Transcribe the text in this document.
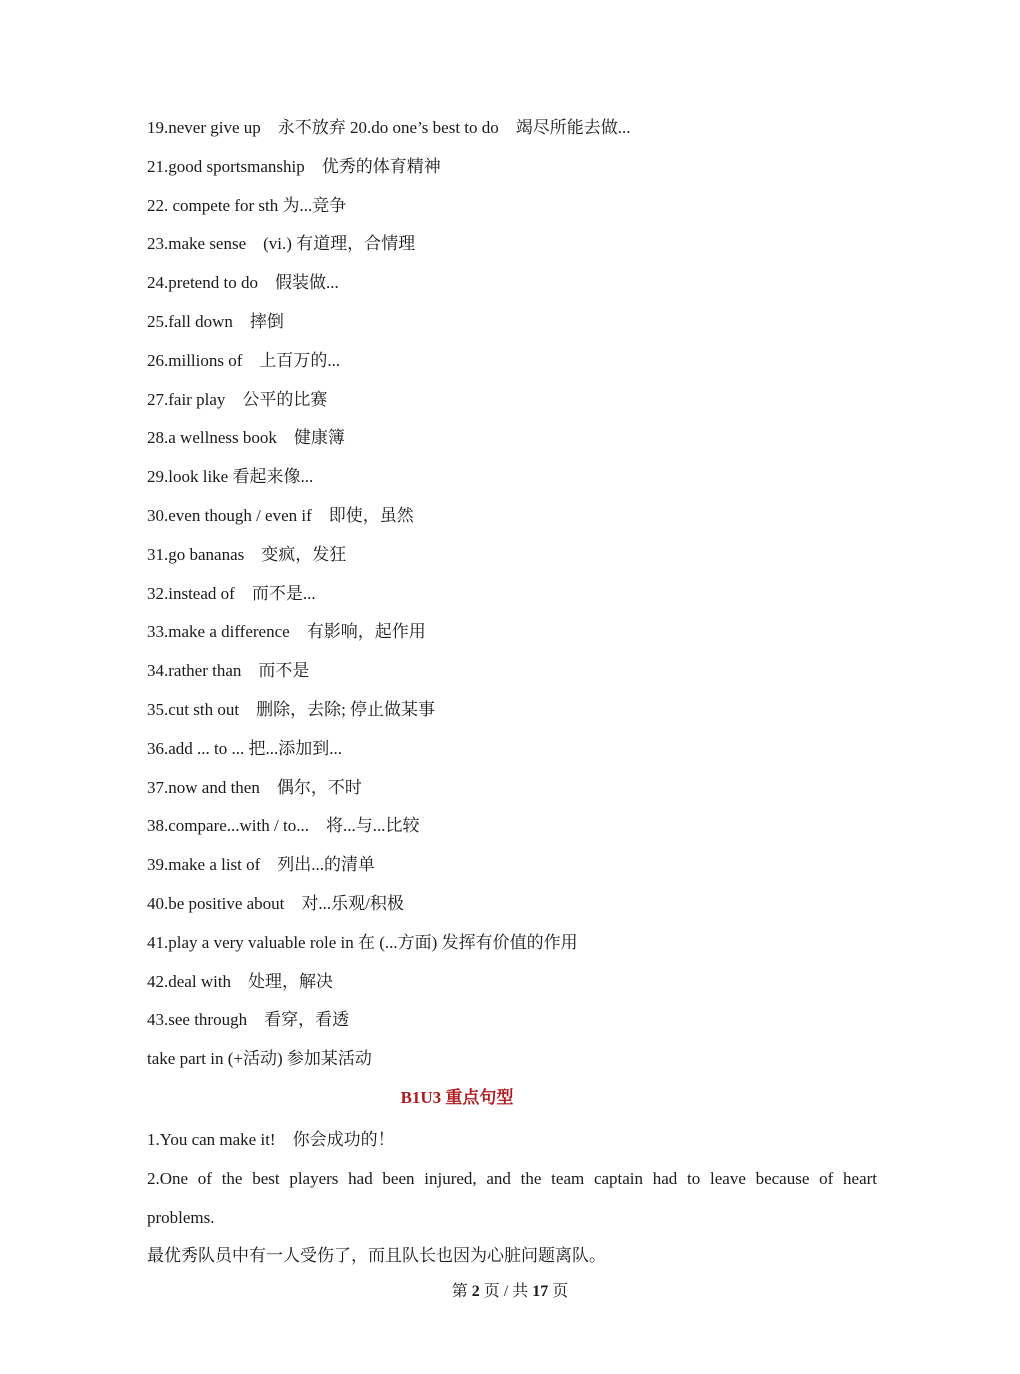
19.never give up　永不放弃 20.do one’s best to do　竭尽所能去做...
21.good sportsmanship　优秀的体育精神
22. compete for sth 为...竞争
23.make sense　(vi.) 有道理，合情理
24.pretend to do　假装做...
25.fall down　摔倒
26.millions of　上百万的...
27.fair play　公平的比赛
28.a wellness book　健康簿
29.look like 看起来像...
30.even though / even if　即使，虽然
31.go bananas　变疯，发狂
32.instead of　而不是...
33.make a difference　有影响，起作用
34.rather than　而不是
35.cut sth out　删除，去除; 停止做某事
36.add ... to ... 把...添加到...
37.now and then　偶尔，不时
38.compare...with / to...　将...与...比较
39.make a list of　列出...的清单
40.be positive about　对...乐观/积极
41.play a very valuable role in 在 (...方面) 发挥有价值的作用
42.deal with　处理，解决
43.see through　看穿，看透
take part in (+活动) 参加某活动
B1U3 重点句型
1.You can make it!　你会成功的！
2.One of the best players had been injured, and the team captain had to leave because of heart
problems.
最优秀队员中有一人受伤了，而且队长也因为心脏问题离队。
第 2 页 / 共 17 页
